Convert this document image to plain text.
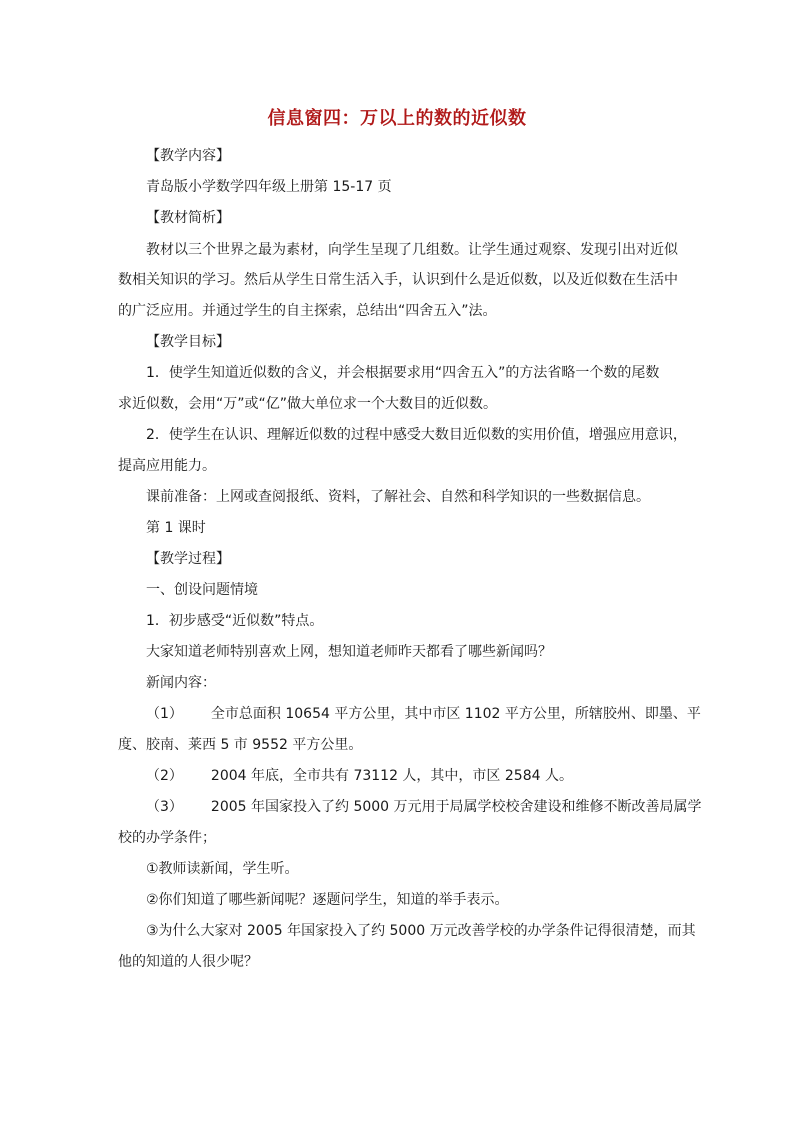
信息窗四：万以上的数的近似数
【教学内容】
青岛版小学数学四年级上册第 15-17 页
【教材简析】
教材以三个世界之最为素材，向学生呈现了几组数。让学生通过观察、发现引出对近似
数相关知识的学习。然后从学生日常生活入手，认识到什么是近似数，以及近似数在生活中
的广泛应用。并通过学生的自主探索，总结出“四舍五入”法。
【教学目标】
1．使学生知道近似数的含义，并会根据要求用“四舍五入”的方法省略一个数的尾数
求近似数，会用“万”或“亿”做大单位求一个大数目的近似数。
2．使学生在认识、理解近似数的过程中感受大数目近似数的实用价值，增强应用意识，
提高应用能力。
课前准备：上网或查阅报纸、资料，了解社会、自然和科学知识的一些数据信息。
第 1 课时
【教学过程】
一、创设问题情境
1．初步感受“近似数”特点。
大家知道老师特别喜欢上网，想知道老师昨天都看了哪些新闻吗？
新闻内容：
（1） 全市总面积 10654 平方公里，其中市区 1102 平方公里，所辖胶州、即墨、平
度、胶南、莱西 5 市 9552 平方公里。
（2） 2004 年底，全市共有 73112 人，其中，市区 2584 人。
（3） 2005 年国家投入了约 5000 万元用于局属学校校舍建设和维修不断改善局属学
校的办学条件；
①教师读新闻，学生听。
②你们知道了哪些新闻呢？逐题问学生，知道的举手表示。
③为什么大家对 2005 年国家投入了约 5000 万元改善学校的办学条件记得很清楚，而其
他的知道的人很少呢？
